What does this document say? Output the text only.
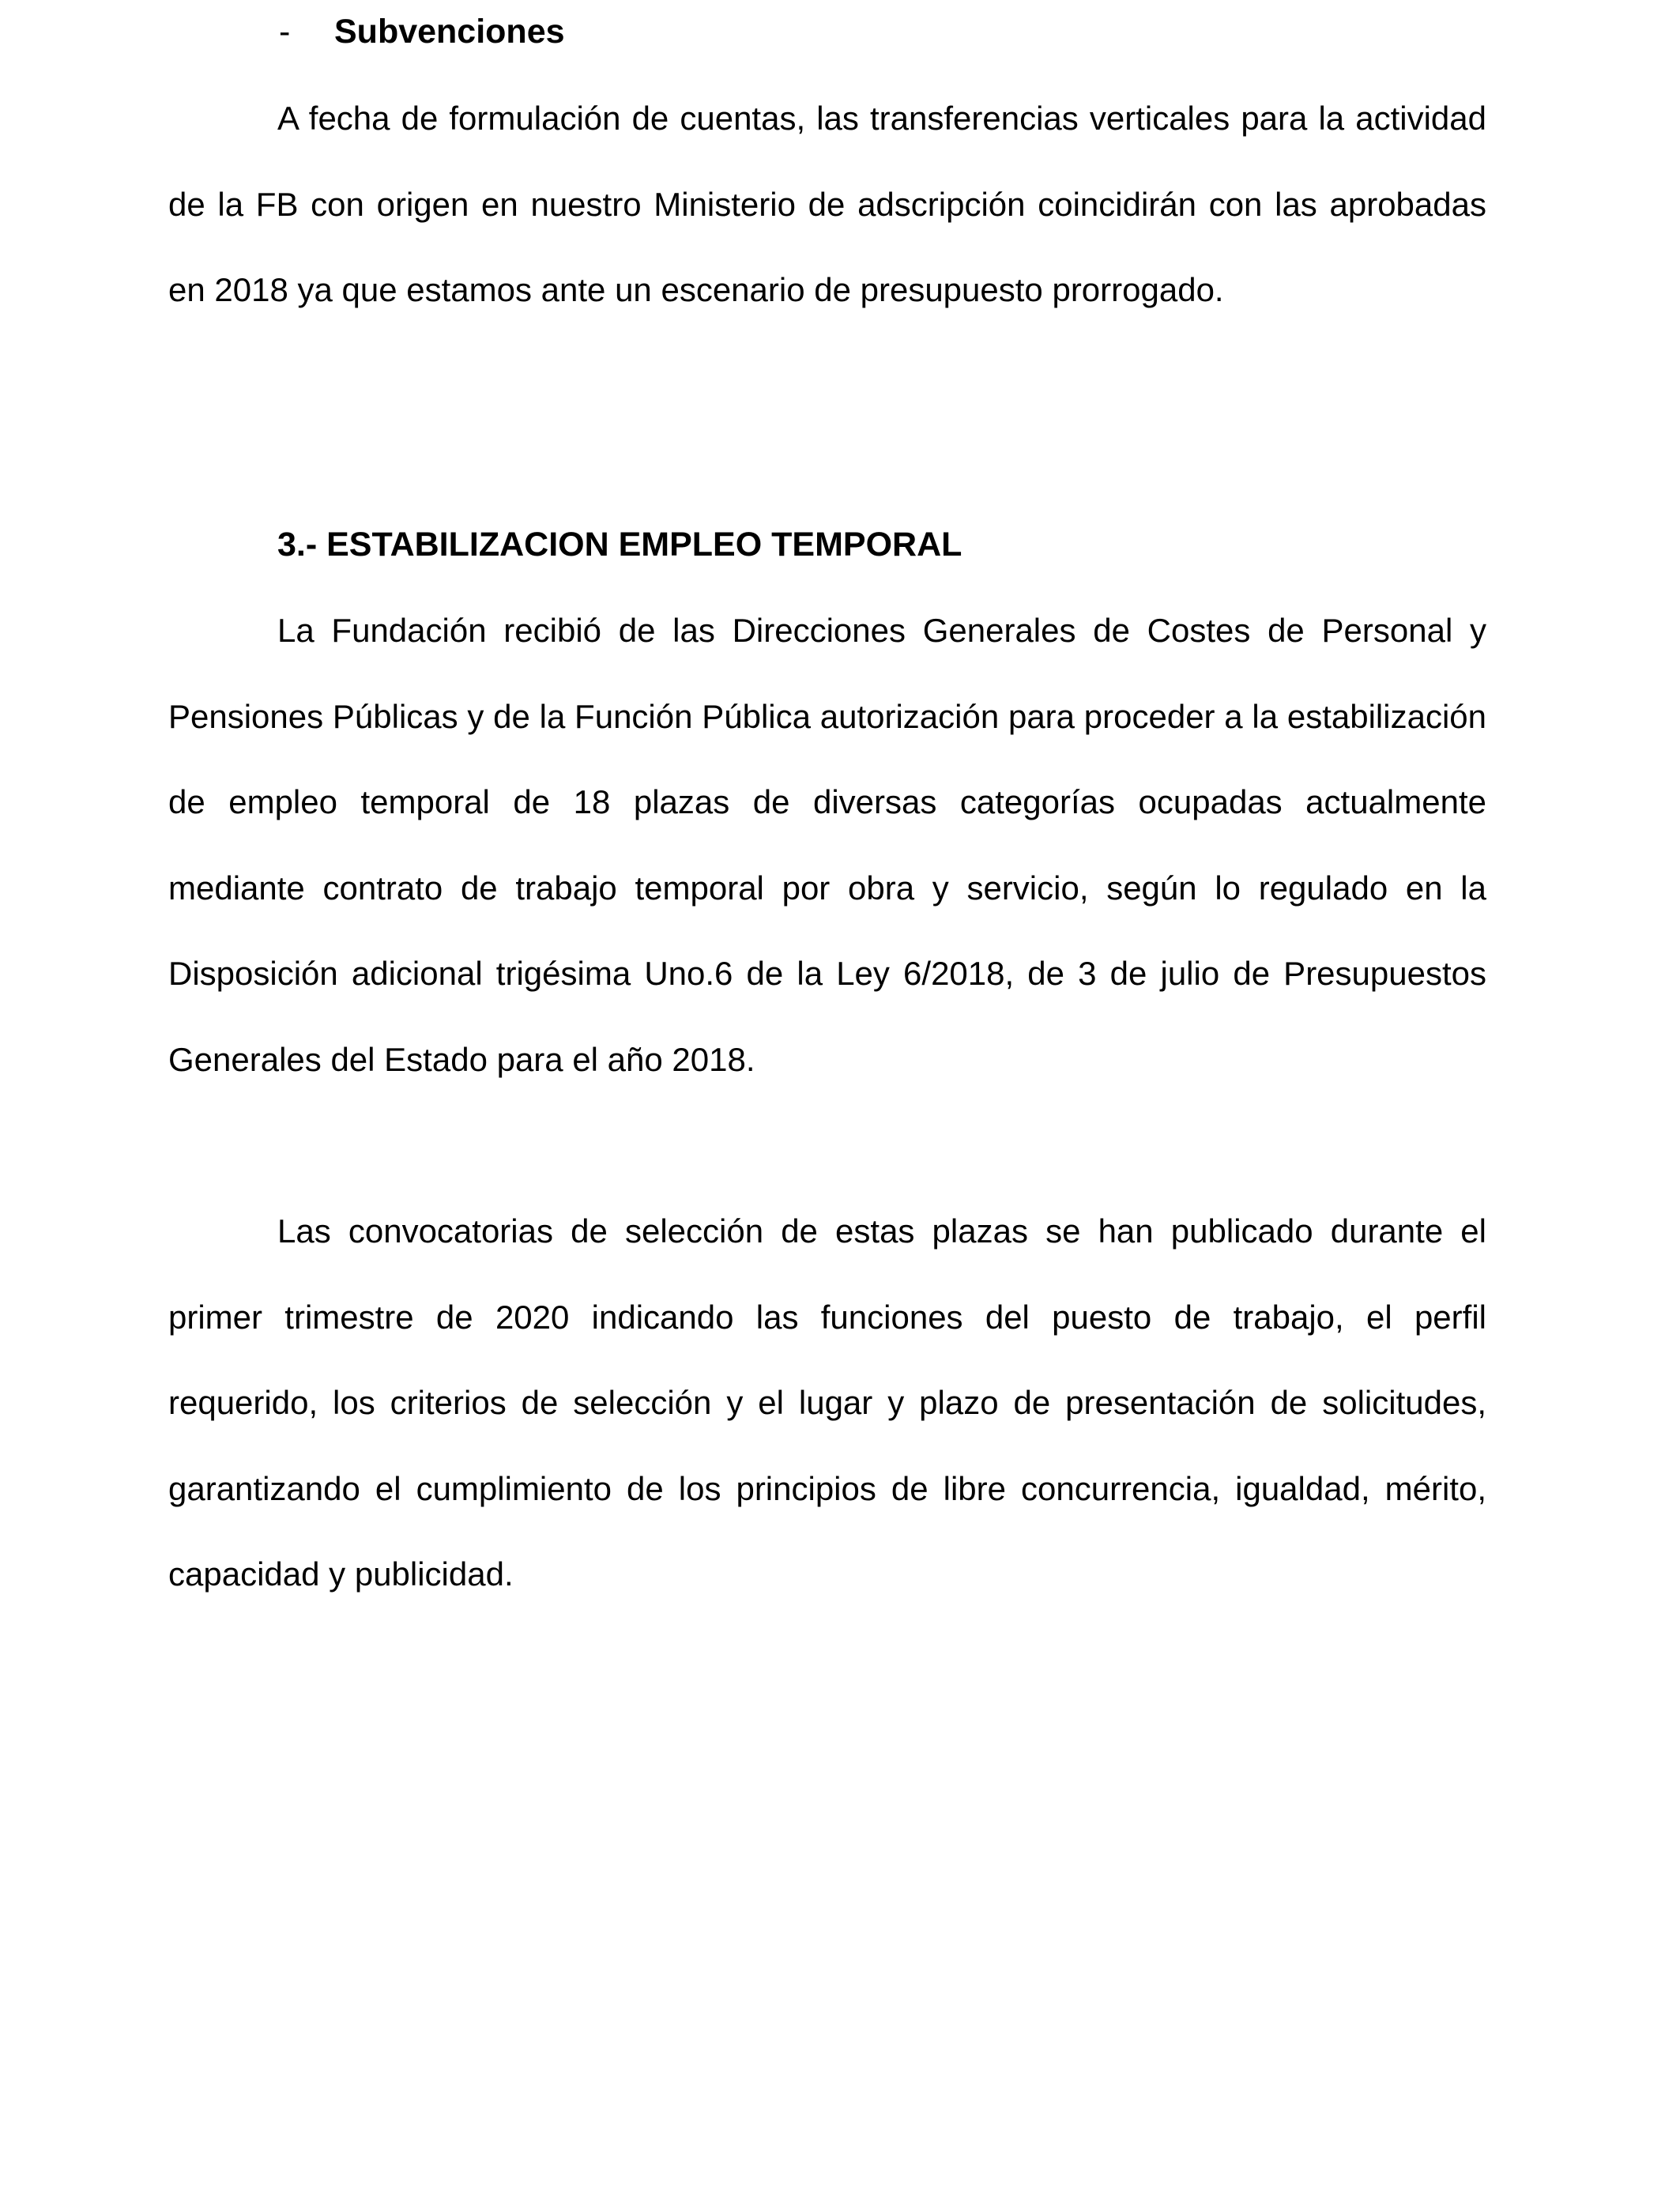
- Subvenciones

A fecha de formulación de cuentas, las transferencias verticales para la actividad de la FB con origen en nuestro Ministerio de adscripción coincidirán con las aprobadas en 2018 ya que estamos ante un escenario de presupuesto prorrogado.

3.- ESTABILIZACION EMPLEO TEMPORAL

La Fundación recibió de las Direcciones Generales de Costes de Personal y Pensiones Públicas y de la Función Pública autorización para proceder a la estabilización de empleo temporal de 18 plazas de diversas categorías ocupadas actualmente mediante contrato de trabajo temporal por obra y servicio, según lo regulado en la Disposición adicional trigésima Uno.6 de la Ley 6/2018, de 3 de julio de Presupuestos Generales del Estado para el año 2018.

Las convocatorias de selección de estas plazas se han publicado durante el primer trimestre de 2020 indicando las funciones del puesto de trabajo, el perfil requerido, los criterios de selección y el lugar y plazo de presentación de solicitudes, garantizando el cumplimiento de los principios de libre concurrencia, igualdad, mérito, capacidad y publicidad.
